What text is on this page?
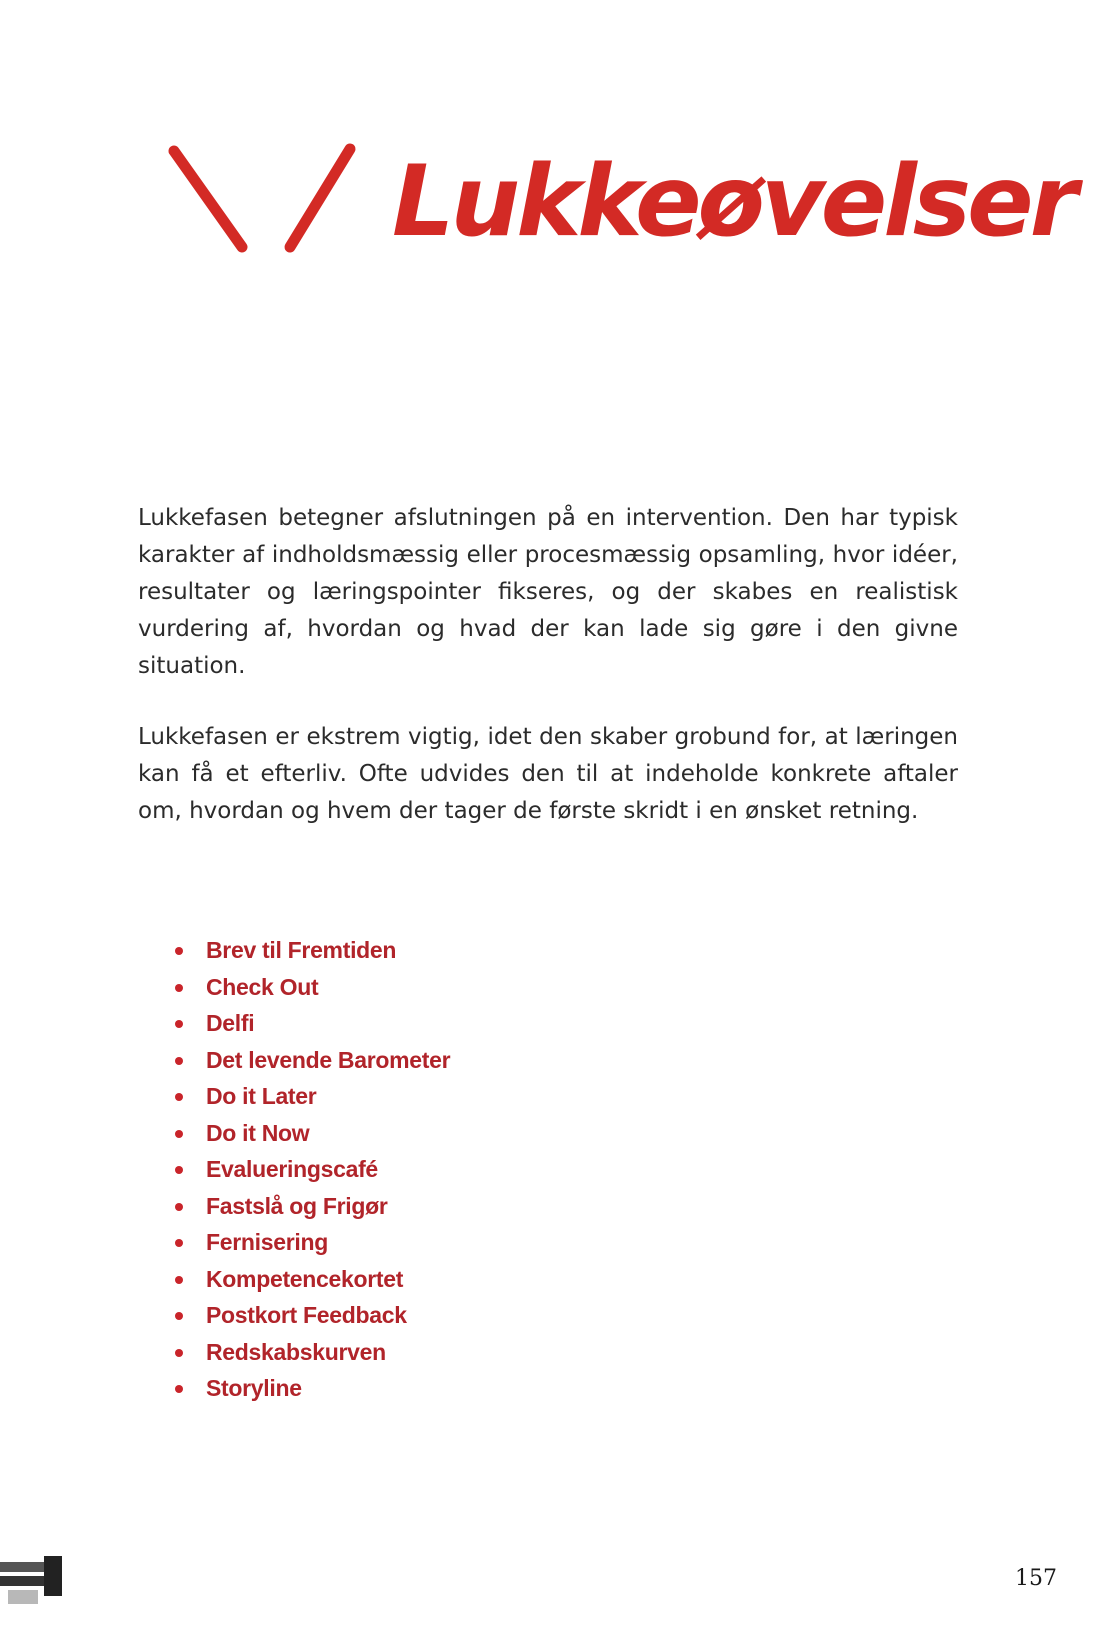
Lukkeøvelser

Lukkefasen betegner afslutningen på en intervention. Den har typisk karakter af indholdsmæssig eller procesmæssig opsamling, hvor idéer, resultater og læringspointer fikseres, og der skabes en realistisk vurdering af, hvordan og hvad der kan lade sig gøre i den givne situation.

Lukkefasen er ekstrem vigtig, idet den skaber grobund for, at læringen kan få et efterliv. Ofte udvides den til at indeholde konkrete aftaler om, hvordan og hvem der tager de første skridt i en ønsket retning.

Brev til Fremtiden
Check Out
Delfi
Det levende Barometer
Do it Later
Do it Now
Evalueringscafé
Fastslå og Frigør
Fernisering
Kompetencekortet
Postkort Feedback
Redskabskurven
Storyline
157
